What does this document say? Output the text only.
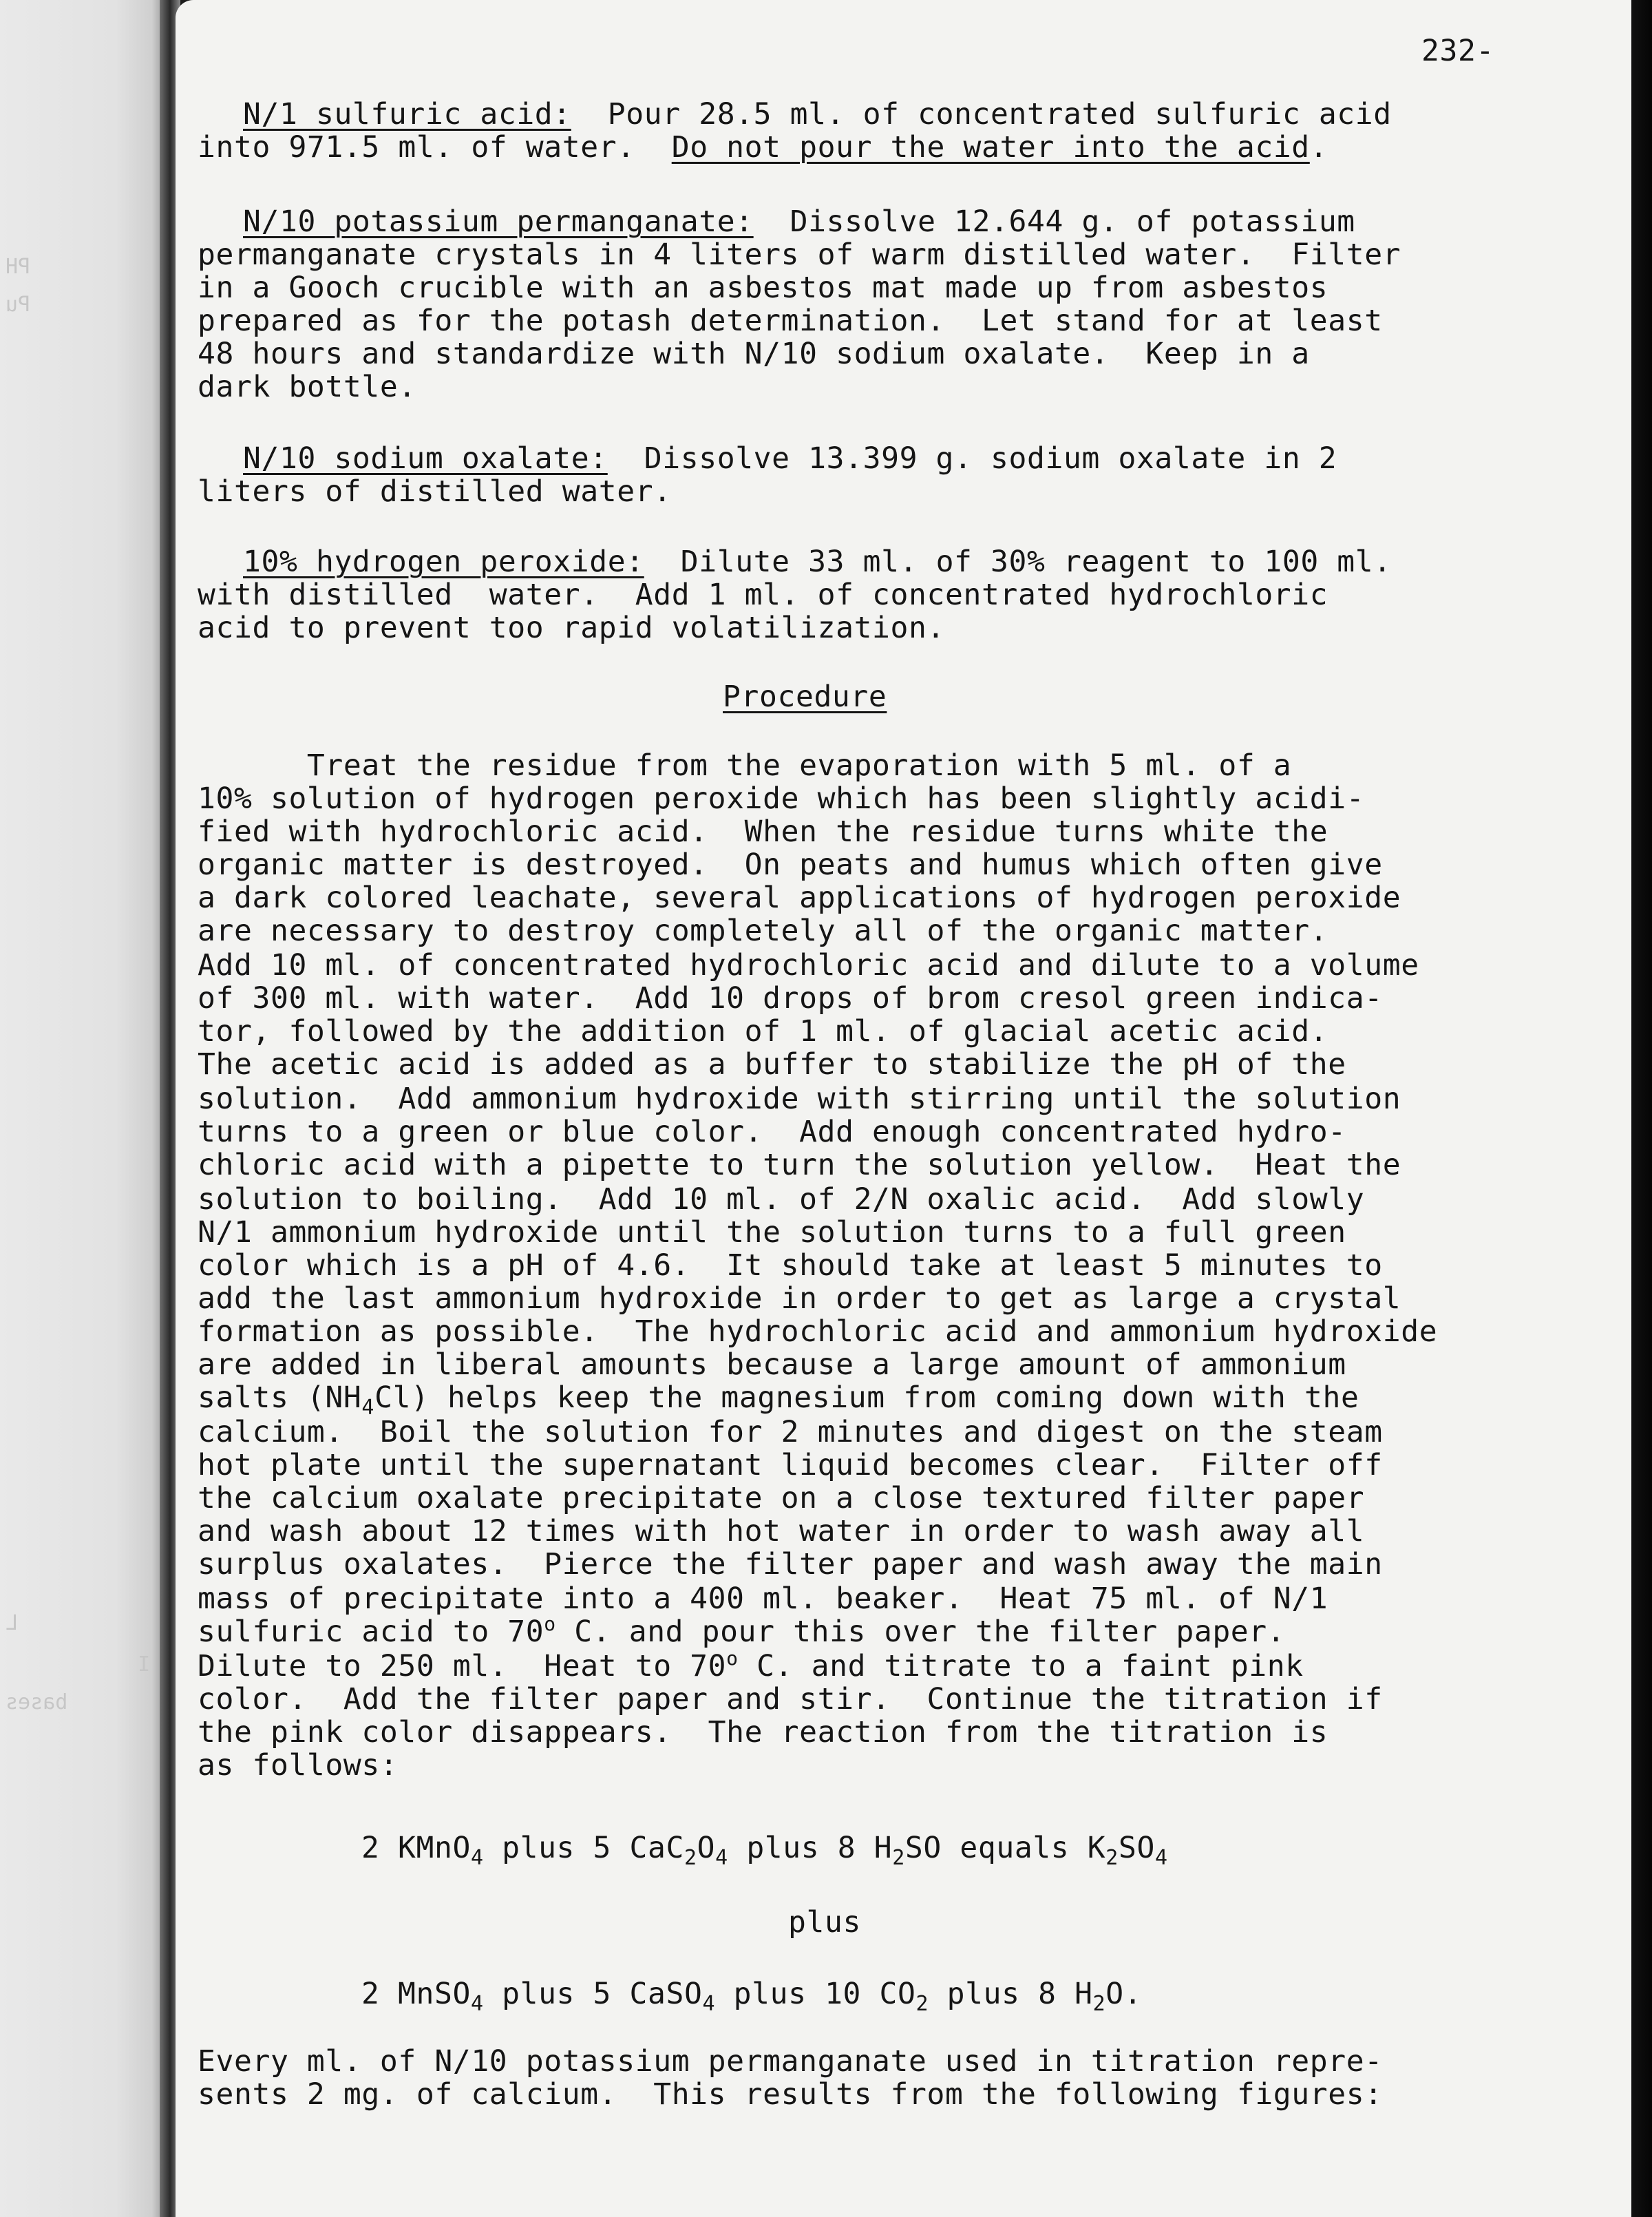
PH
Pu
L
bases
I
232-
N/1 sulfuric acid: Pour 28.5 ml. of concentrated sulfuric acid
into 971.5 ml. of water. Do not pour the water into the acid.
N/10 potassium permanganate: Dissolve 12.644 g. of potassium
permanganate crystals in 4 liters of warm distilled water.  Filter
in a Gooch crucible with an asbestos mat made up from asbestos
prepared as for the potash determination.  Let stand for at least
48 hours and standardize with N/10 sodium oxalate.  Keep in a
dark bottle.
N/10 sodium oxalate: Dissolve 13.399 g. sodium oxalate in 2
liters of distilled water.
10% hydrogen peroxide: Dilute 33 ml. of 30% reagent to 100 ml.
with distilled  water.  Add 1 ml. of concentrated hydrochloric
acid to prevent too rapid volatilization.
Procedure
Treat the residue from the evaporation with 5 ml. of a
10% solution of hydrogen peroxide which has been slightly acidi-
fied with hydrochloric acid.  When the residue turns white the
organic matter is destroyed.  On peats and humus which often give
a dark colored leachate, several applications of hydrogen peroxide
are necessary to destroy completely all of the organic matter.
Add 10 ml. of concentrated hydrochloric acid and dilute to a volume
of 300 ml. with water.  Add 10 drops of brom cresol green indica-
tor, followed by the addition of 1 ml. of glacial acetic acid.
The acetic acid is added as a buffer to stabilize the pH of the
solution.  Add ammonium hydroxide with stirring until the solution
turns to a green or blue color.  Add enough concentrated hydro-
chloric acid with a pipette to turn the solution yellow.  Heat the
solution to boiling.  Add 10 ml. of 2/N oxalic acid.  Add slowly
N/1 ammonium hydroxide until the solution turns to a full green
color which is a pH of 4.6.  It should take at least 5 minutes to
add the last ammonium hydroxide in order to get as large a crystal
formation as possible.  The hydrochloric acid and ammonium hydroxide
are added in liberal amounts because a large amount of ammonium
salts $(NH_4Cl)$ helps keep the magnesium from coming down with the
calcium.  Boil the solution for 2 minutes and digest on the steam
hot plate until the supernatant liquid becomes clear.  Filter off
the calcium oxalate precipitate on a close textured filter paper
and wash about 12 times with hot water in order to wash away all
surplus oxalates.  Pierce the filter paper and wash away the main
mass of precipitate into a 400 ml. beaker.  Heat 75 ml. of N/1
sulfuric acid to 70$^o$ C. and pour this over the filter paper.
Dilute to 250 ml.  Heat to 70$^o$ C. and titrate to a faint pink
color.  Add the filter paper and stir.  Continue the titration if
the pink color disappears.  The reaction from the titration is
as follows:
2 KMnO$_4$ plus 5 $CaC_2O_4$ plus 8 $H_2SO$ equals $K_2SO_4$
plus
2 MnSO$_4$ plus 5 CaSO$_4$ plus 10 $CO_2$ plus 8 $H_2O$.
Every ml. of N/10 potassium permanganate used in titration repre-
sents 2 mg. of calcium.  This results from the following figures:
